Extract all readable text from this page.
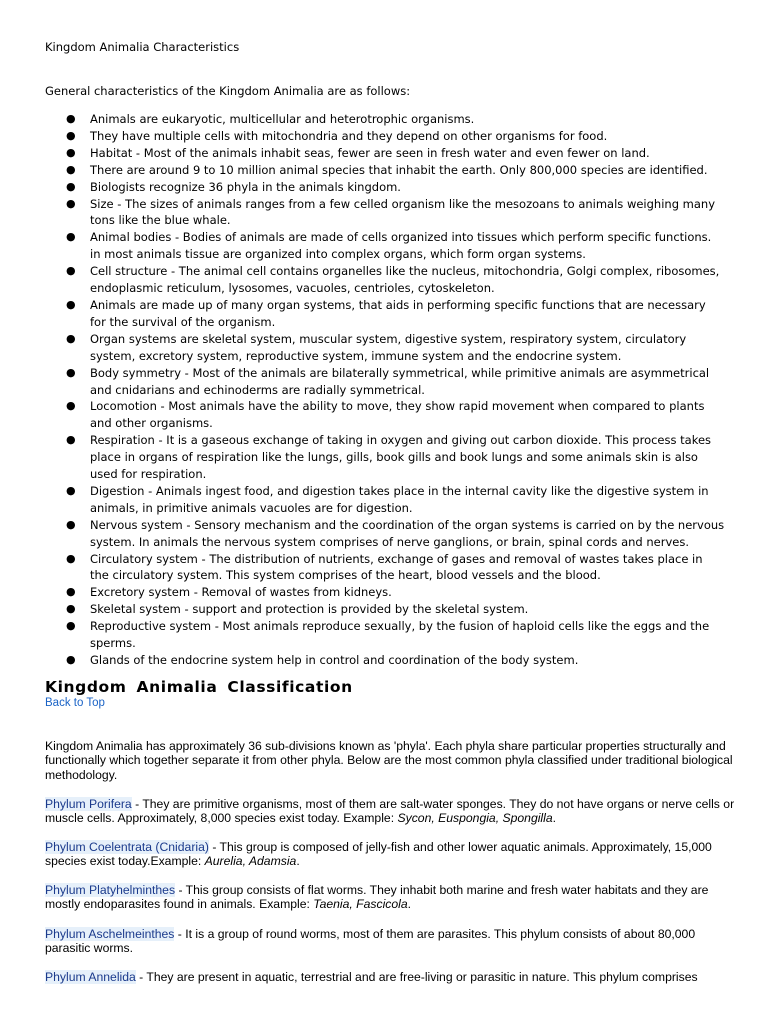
Kingdom Animalia Characteristics
General characteristics of the Kingdom Animalia are as follows:
● Animals are eukaryotic, multicellular and heterotrophic organisms.
● They have multiple cells with mitochondria and they depend on other organisms for food.
● Habitat - Most of the animals inhabit seas, fewer are seen in fresh water and even fewer on land.
● There are around 9 to 10 million animal species that inhabit the earth. Only 800,000 species are identified.
● Biologists recognize 36 phyla in the animals kingdom.
● Size - The sizes of animals ranges from a few celled organism like the mesozoans to animals weighing many tons like the blue whale.
● Animal bodies - Bodies of animals are made of cells organized into tissues which perform specific functions. in most animals tissue are organized into complex organs, which form organ systems.
● Cell structure - The animal cell contains organelles like the nucleus, mitochondria, Golgi complex, ribosomes, endoplasmic reticulum, lysosomes, vacuoles, centrioles, cytoskeleton.
● Animals are made up of many organ systems, that aids in performing specific functions that are necessary for the survival of the organism.
● Organ systems are skeletal system, muscular system, digestive system, respiratory system, circulatory system, excretory system, reproductive system, immune system and the endocrine system.
● Body symmetry - Most of the animals are bilaterally symmetrical, while primitive animals are asymmetrical and cnidarians and echinoderms are radially symmetrical.
● Locomotion - Most animals have the ability to move, they show rapid movement when compared to plants and other organisms.
● Respiration - It is a gaseous exchange of taking in oxygen and giving out carbon dioxide. This process takes place in organs of respiration like the lungs, gills, book gills and book lungs and some animals skin is also used for respiration.
● Digestion - Animals ingest food, and digestion takes place in the internal cavity like the digestive system in animals, in primitive animals vacuoles are for digestion.
● Nervous system - Sensory mechanism and the coordination of the organ systems is carried on by the nervous system. In animals the nervous system comprises of nerve ganglions, or brain, spinal cords and nerves.
● Circulatory system - The distribution of nutrients, exchange of gases and removal of wastes takes place in the circulatory system. This system comprises of the heart, blood vessels and the blood.
● Excretory system - Removal of wastes from kidneys.
● Skeletal system - support and protection is provided by the skeletal system.
● Reproductive system - Most animals reproduce sexually, by the fusion of haploid cells like the eggs and the sperms.
● Glands of the endocrine system help in control and coordination of the body system.
Kingdom Animalia Classification
Back to Top
Kingdom Animalia has approximately 36 sub-divisions known as 'phyla'. Each phyla share particular properties structurally and functionally which together separate it from other phyla. Below are the most common phyla classified under traditional biological methodology.
Phylum Porifera - They are primitive organisms, most of them are salt-water sponges. They do not have organs or nerve cells or muscle cells. Approximately, 8,000 species exist today. Example: Sycon, Euspongia, Spongilla.
Phylum Coelentrata (Cnidaria) - This group is composed of jelly-fish and other lower aquatic animals. Approximately, 15,000 species exist today.Example: Aurelia, Adamsia.
Phylum Platyhelminthes - This group consists of flat worms. They inhabit both marine and fresh water habitats and they are mostly endoparasites found in animals. Example: Taenia, Fascicola.
Phylum Aschelmeinthes - It is a group of round worms, most of them are parasites. This phylum consists of about 80,000 parasitic worms.
Phylum Annelida - They are present in aquatic, terrestrial and are free-living or parasitic in nature. This phylum comprises
